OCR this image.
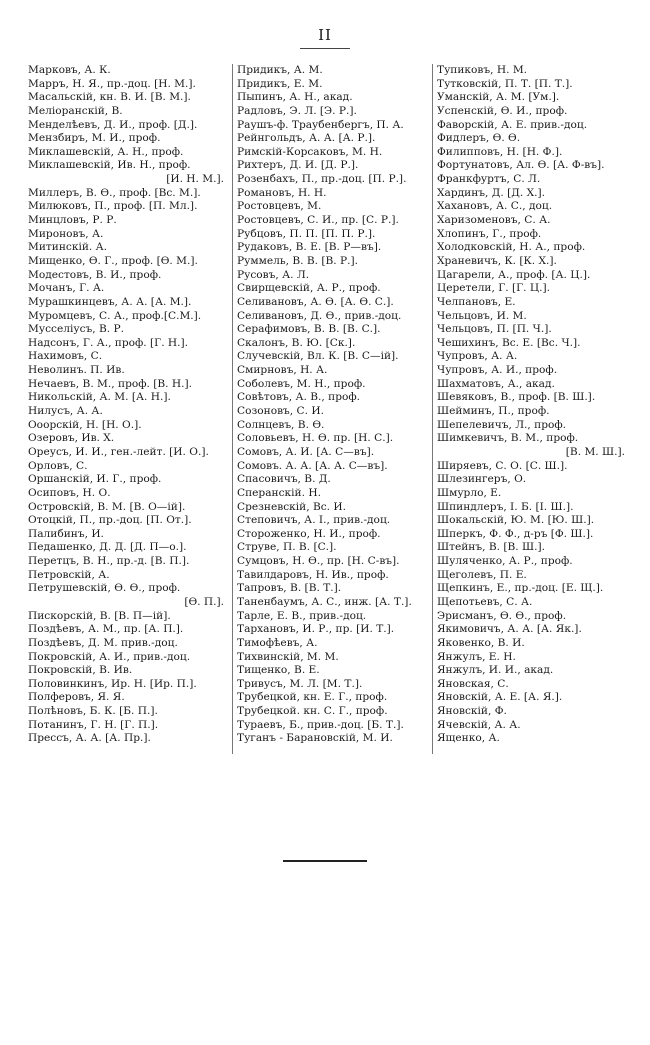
II
Марковъ, А. К.
Марръ, Н. Я., пр.-доц. [Н. М.].
Масальскій, кн. В. И. [В. М.].
Меліоранскій, В.
Менделѣевъ, Д. И., проф. [Д.].
Мензбиръ, М. И., проф.
Миклашевскій, А. Н., проф.
Миклашевскій, Ив. Н., проф.
[И. Н. М.].
Миллеръ, В. Ѳ., проф. [Вс. М.].
Милюковъ, П., проф. [П. Мл.].
Минцловъ, Р. Р.
Мироновъ, А.
Митинскій. А.
Мищенко, Ѳ. Г., проф. [Ѳ. М.].
Модестовъ, В. И., проф.
Мочанъ, Г. А.
Мурашкинцевъ, А. А. [А. М.].
Муромцевъ, С. А., проф.[С.М.].
Мусселіусъ, В. Р.
Надсонъ, Г. А., проф. [Г. Н.].
Нахимовъ, С.
Неволинъ. П. Ив.
Нечаевъ, В. М., проф. [В. Н.].
Никольскій, А. М. [А. Н.].
Нилусъ, А. А.
Ооорскій, Н. [Н. О.].
Озеровъ, Ив. Х.
Ореусъ, И. И., ген.-лейт. [И. О.].
Орловъ, С.
Оршанскій, И. Г., проф.
Осиповъ, Н. О.
Островскій, В. М. [В. О—ій].
Отоцкій, П., пр.-доц. [П. От.].
Палибинъ, И.
Педашенко, Д. Д. [Д. П—о.].
Перетцъ, В. Н., пр.-д. [В. П.].
Петровскій, А.
Петрушевскій, Ѳ. Ѳ., проф.
[Ѳ. П.].
Пискорскій, В. [В. П—ій].
Поздѣевъ, А. М., пр. [А. П.].
Поздѣевъ, Д. М. прив.-доц.
Покровскій, А. И., прив.-доц.
Покровскій, В. Ив.
Половинкинъ, Ир. Н. [Ир. П.].
Полферовъ, Я. Я.
Полѣновъ, Б. К. [Б. П.].
Потанинъ, Г. Н. [Г. П.].
Прессъ, А. А. [А. Пр.].
Придикъ, А. М.
Придикъ, Е. М.
Пыпинъ, А. Н., акад.
Радловъ, Э. Л. [Э. Р.].
Раушъ-ф. Траубенбергъ, П. А.
Рейнгольдъ, А. А. [А. Р.].
Римскій-Корсаковъ, М. Н.
Рихтеръ, Д. И. [Д. Р.].
Розенбахъ, П., пр.-доц. [П. Р.].
Романовъ, Н. Н.
Ростовцевъ, М.
Ростовцевъ, С. И., пр. [С. Р.].
Рубцовъ, П. П. [П. П. Р.].
Рудаковъ, В. Е. [В. Р—въ].
Руммель, В. В. [В. Р.].
Русовъ, А. Л.
Свирщевскій, А. Р., проф.
Селивановъ, А. Ѳ. [А. Ѳ. С.].
Селивановъ, Д. Ѳ., прив.-доц.
Серафимовъ, В. В. [В. С.].
Скалонъ, В. Ю. [Ск.].
Случевскій, Вл. К. [В. С—ій].
Смирновъ, Н. А.
Соболевъ, М. Н., проф.
Совѣтовъ, А. В., проф.
Созоновъ, С. И.
Солнцевъ, В. Ѳ.
Соловьевъ, Н. Ѳ. пр. [Н. С.].
Сомовъ, А. И. [А. С—въ].
Сомовъ. А. А. [А. А. С—въ].
Спасовичъ, В. Д.
Сперанскій. Н.
Срезневскій, Вс. И.
Степовичъ, А. І., прив.-доц.
Стороженко, Н. И., проф.
Струве, П. В. [С.].
Сумцовъ, Н. Ѳ., пр. [Н. С-въ].
Тавилдаровъ, Н. Ив., проф.
Тапровъ, В. [В. Т.].
Таненбаумъ, А. С., инж. [А. Т.].
Тарле, Е. В., прив.-доц.
Тархановъ, И. Р., пр. [И. Т.].
Тимофѣевъ, А.
Тихвинскій, М. М.
Тищенко, В. Е.
Тривусъ, М. Л. [М. Т.].
Трубецкой, кн. Е. Г., проф.
Трубецкой. кн. С. Г., проф.
Тураевъ, Б., прив.-доц. [Б. Т.].
Туганъ - Барановскій, М. И.
Тупиковъ, Н. М.
Тутковскій, П. Т. [П. Т.].
Уманскій, А. М. [Ум.].
Успенскій, Ѳ. И., проф.
Фаворскій, А. Е. прив.-доц.
Фидлеръ, Ѳ. Ѳ.
Филипповъ, Н. [Н. Ф.].
Фортунатовъ, Ал. Ѳ. [А. Ф-въ].
Франкфуртъ, С. Л.
Хардинъ, Д. [Д. Х.].
Хахановъ, А. С., доц.
Харизоменовъ, С. А.
Хлопинъ, Г., проф.
Холодковскій, Н. А., проф.
Храневичъ, К. [К. Х.].
Цагарели, А., проф. [А. Ц.].
Церетели, Г. [Г. Ц.].
Челпановъ, Е.
Чельцовъ, И. М.
Чельцовъ, П. [П. Ч.].
Чешихинъ, Вс. Е. [Вс. Ч.].
Чупровъ, А. А.
Чупровъ, А. И., проф.
Шахматовъ, А., акад.
Шевяковъ, В., проф. [В. Ш.].
Шейминъ, П., проф.
Шепелевичъ, Л., проф.
Шимкевичъ, В. М., проф.
[В. М. Ш.].
Ширяевъ, С. О. [С. Ш.].
Шлезингеръ, О.
Шмурло, Е.
Шпиндлеръ, І. Б. [І. Ш.].
Шокальскій, Ю. М. [Ю. Ш.].
Шперкъ, Ф. Ф., д-ръ [Ф. Ш.].
Штейнъ, В. [В. Ш.].
Шуляченко, А. Р., проф.
Щеголевъ, П. Е.
Щепкинъ, Е., пр.-доц. [Е. Щ.].
Щепотьевъ, С. А.
Эрисманъ, Ѳ. Ѳ., проф.
Якимовичъ, А. А. [А. Як.].
Яковенко, В. И.
Янжулъ, Е. Н.
Янжулъ, И. И., акад.
Яновская, С.
Яновскій, А. Е. [А. Я.].
Яновскій, Ф.
Ячевскій, А. А.
Ященко, А.
